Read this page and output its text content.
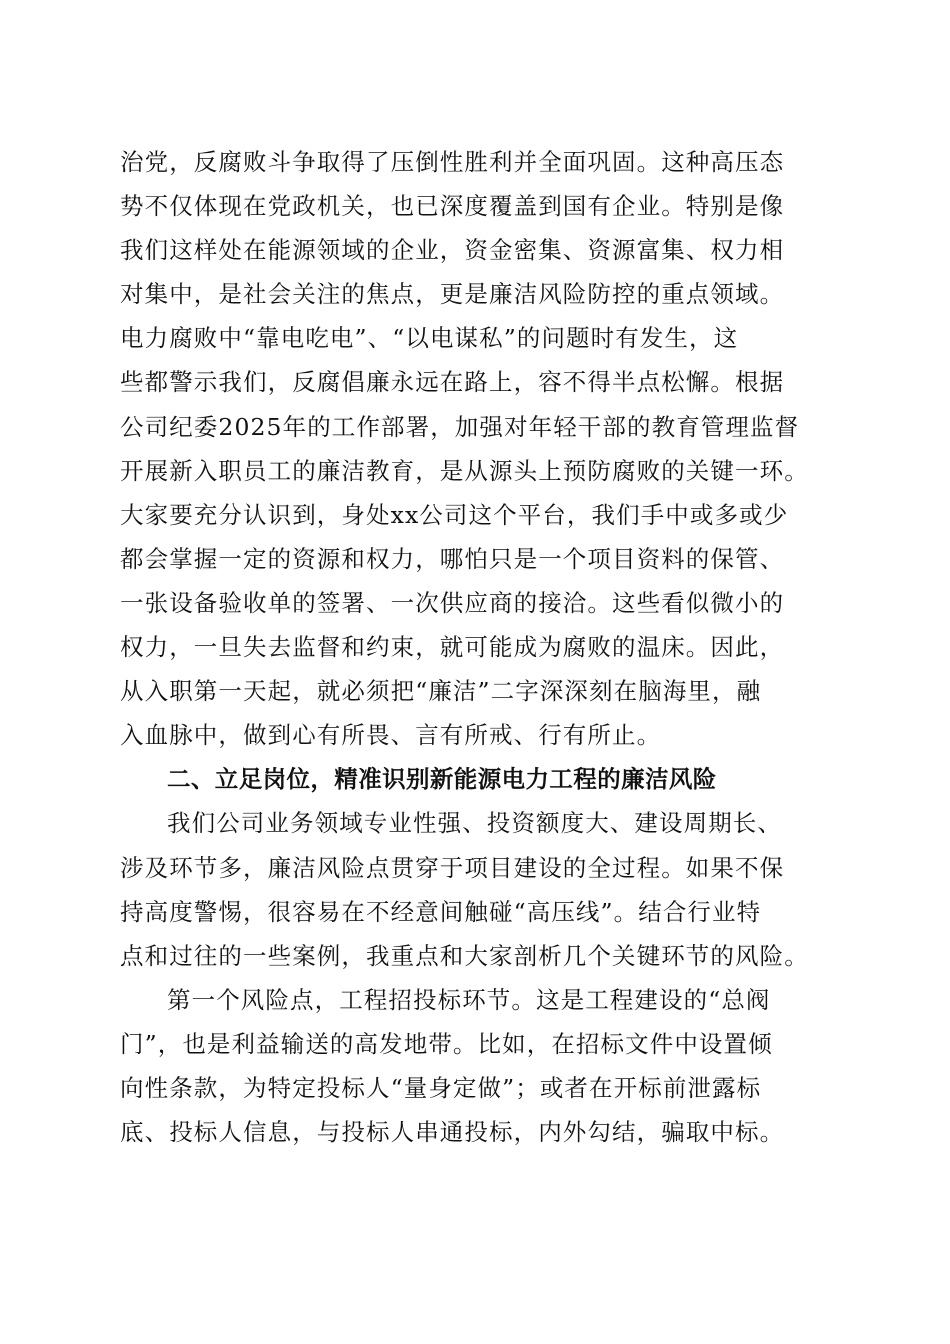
治党，反腐败斗争取得了压倒性胜利并全面巩固。这种高压态
势不仅体现在党政机关，也已深度覆盖到国有企业。特别是像
我们这样处在能源领域的企业，资金密集、资源富集、权力相
对集中，是社会关注的焦点，更是廉洁风险防控的重点领域。
电力腐败中“靠电吃电”、“以电谋私”的问题时有发生，这
些都警示我们，反腐倡廉永远在路上，容不得半点松懈。根据
公司纪委2025年的工作部署，加强对年轻干部的教育管理监督
开展新入职员工的廉洁教育，是从源头上预防腐败的关键一环。
大家要充分认识到，身处xx公司这个平台，我们手中或多或少
都会掌握一定的资源和权力，哪怕只是一个项目资料的保管、
一张设备验收单的签署、一次供应商的接洽。这些看似微小的
权力，一旦失去监督和约束，就可能成为腐败的温床。因此，
从入职第一天起，就必须把“廉洁”二字深深刻在脑海里，融
入血脉中，做到心有所畏、言有所戒、行有所止。
二、立足岗位，精准识别新能源电力工程的廉洁风险
我们公司业务领域专业性强、投资额度大、建设周期长、
涉及环节多，廉洁风险点贯穿于项目建设的全过程。如果不保
持高度警惕，很容易在不经意间触碰“高压线”。结合行业特
点和过往的一些案例，我重点和大家剖析几个关键环节的风险。
第一个风险点，工程招投标环节。这是工程建设的“总阀
门”，也是利益输送的高发地带。比如，在招标文件中设置倾
向性条款，为特定投标人“量身定做”；或者在开标前泄露标
底、投标人信息，与投标人串通投标，内外勾结，骗取中标。
